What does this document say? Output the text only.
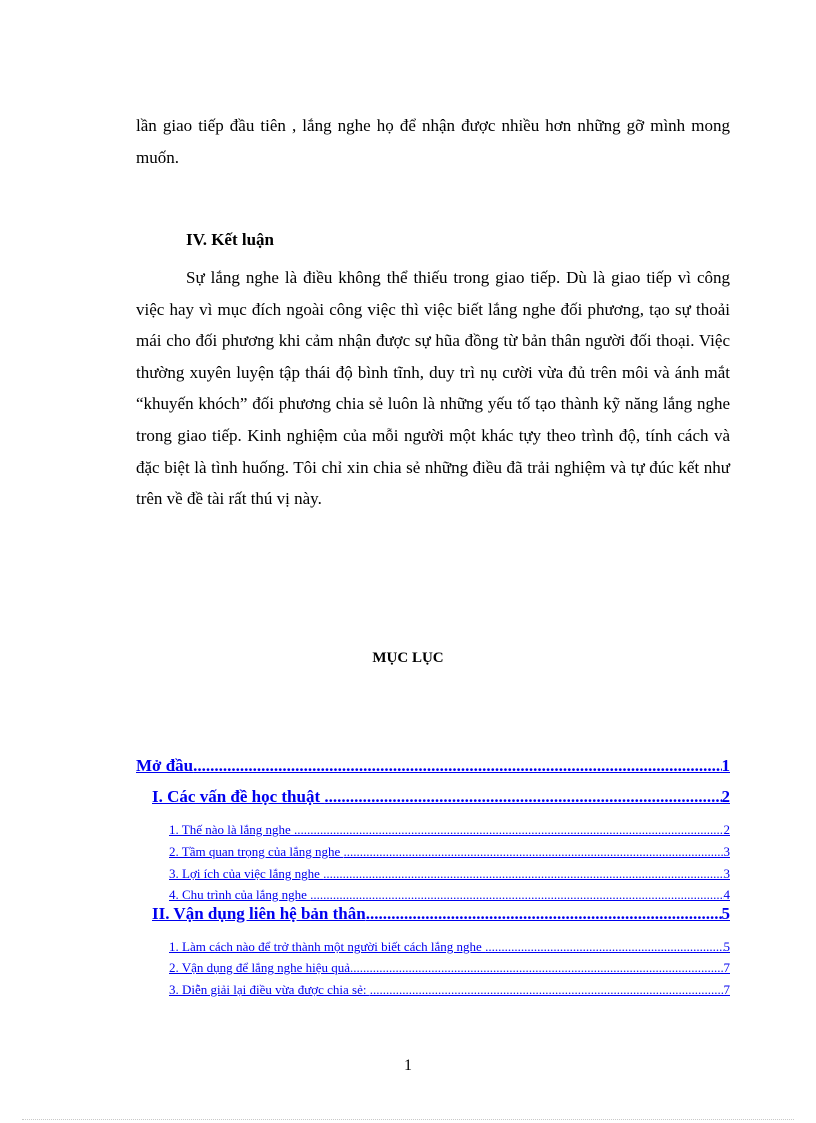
lần giao tiếp đầu tiên , lắng nghe họ để nhận được nhiều hơn những gỡ mình mong muốn.

IV. Kết luận

Sự lắng nghe là điều không thể thiếu trong giao tiếp. Dù là giao tiếp vì công việc hay vì mục đích ngoài công việc thì việc biết lắng nghe đối phương, tạo sự thoải mái cho đối phương khi cảm nhận được sự hũa đồng từ bản thân người đối thoại. Việc thường xuyên luyện tập thái độ bình tĩnh, duy trì nụ cười vừa đủ trên môi và ánh mắt “khuyến khóch” đối phương chia sẻ luôn là những yếu tố tạo thành kỹ năng lắng nghe trong giao tiếp. Kinh nghiệm của mỗi người một khác tựy theo trình độ, tính cách và đặc biệt là tình huống. Tôi chỉ xin chia sẻ những điều đã trải nghiệm và tự đúc kết như trên về đề tài rất thú vị này.

MỤC LỤC
Mở đầu .....	1
I. Các vấn đề học thuật .....	2
1. Thế nào là lắng nghe .....	2
2. Tầm quan trọng của lắng nghe .....	3
3. Lợi ích của việc lắng nghe .....	3
4. Chu trình của lắng nghe .....	4
II. Vận dụng liên hệ bản thân .....	5
1. Làm cách nào để trở thành một người biết cách lắng nghe .....	5
2. Vận dụng để lắng nghe hiệu quả .....	7
3. Diễn giải lại điều vừa được chia sẻ: .....	7

1
